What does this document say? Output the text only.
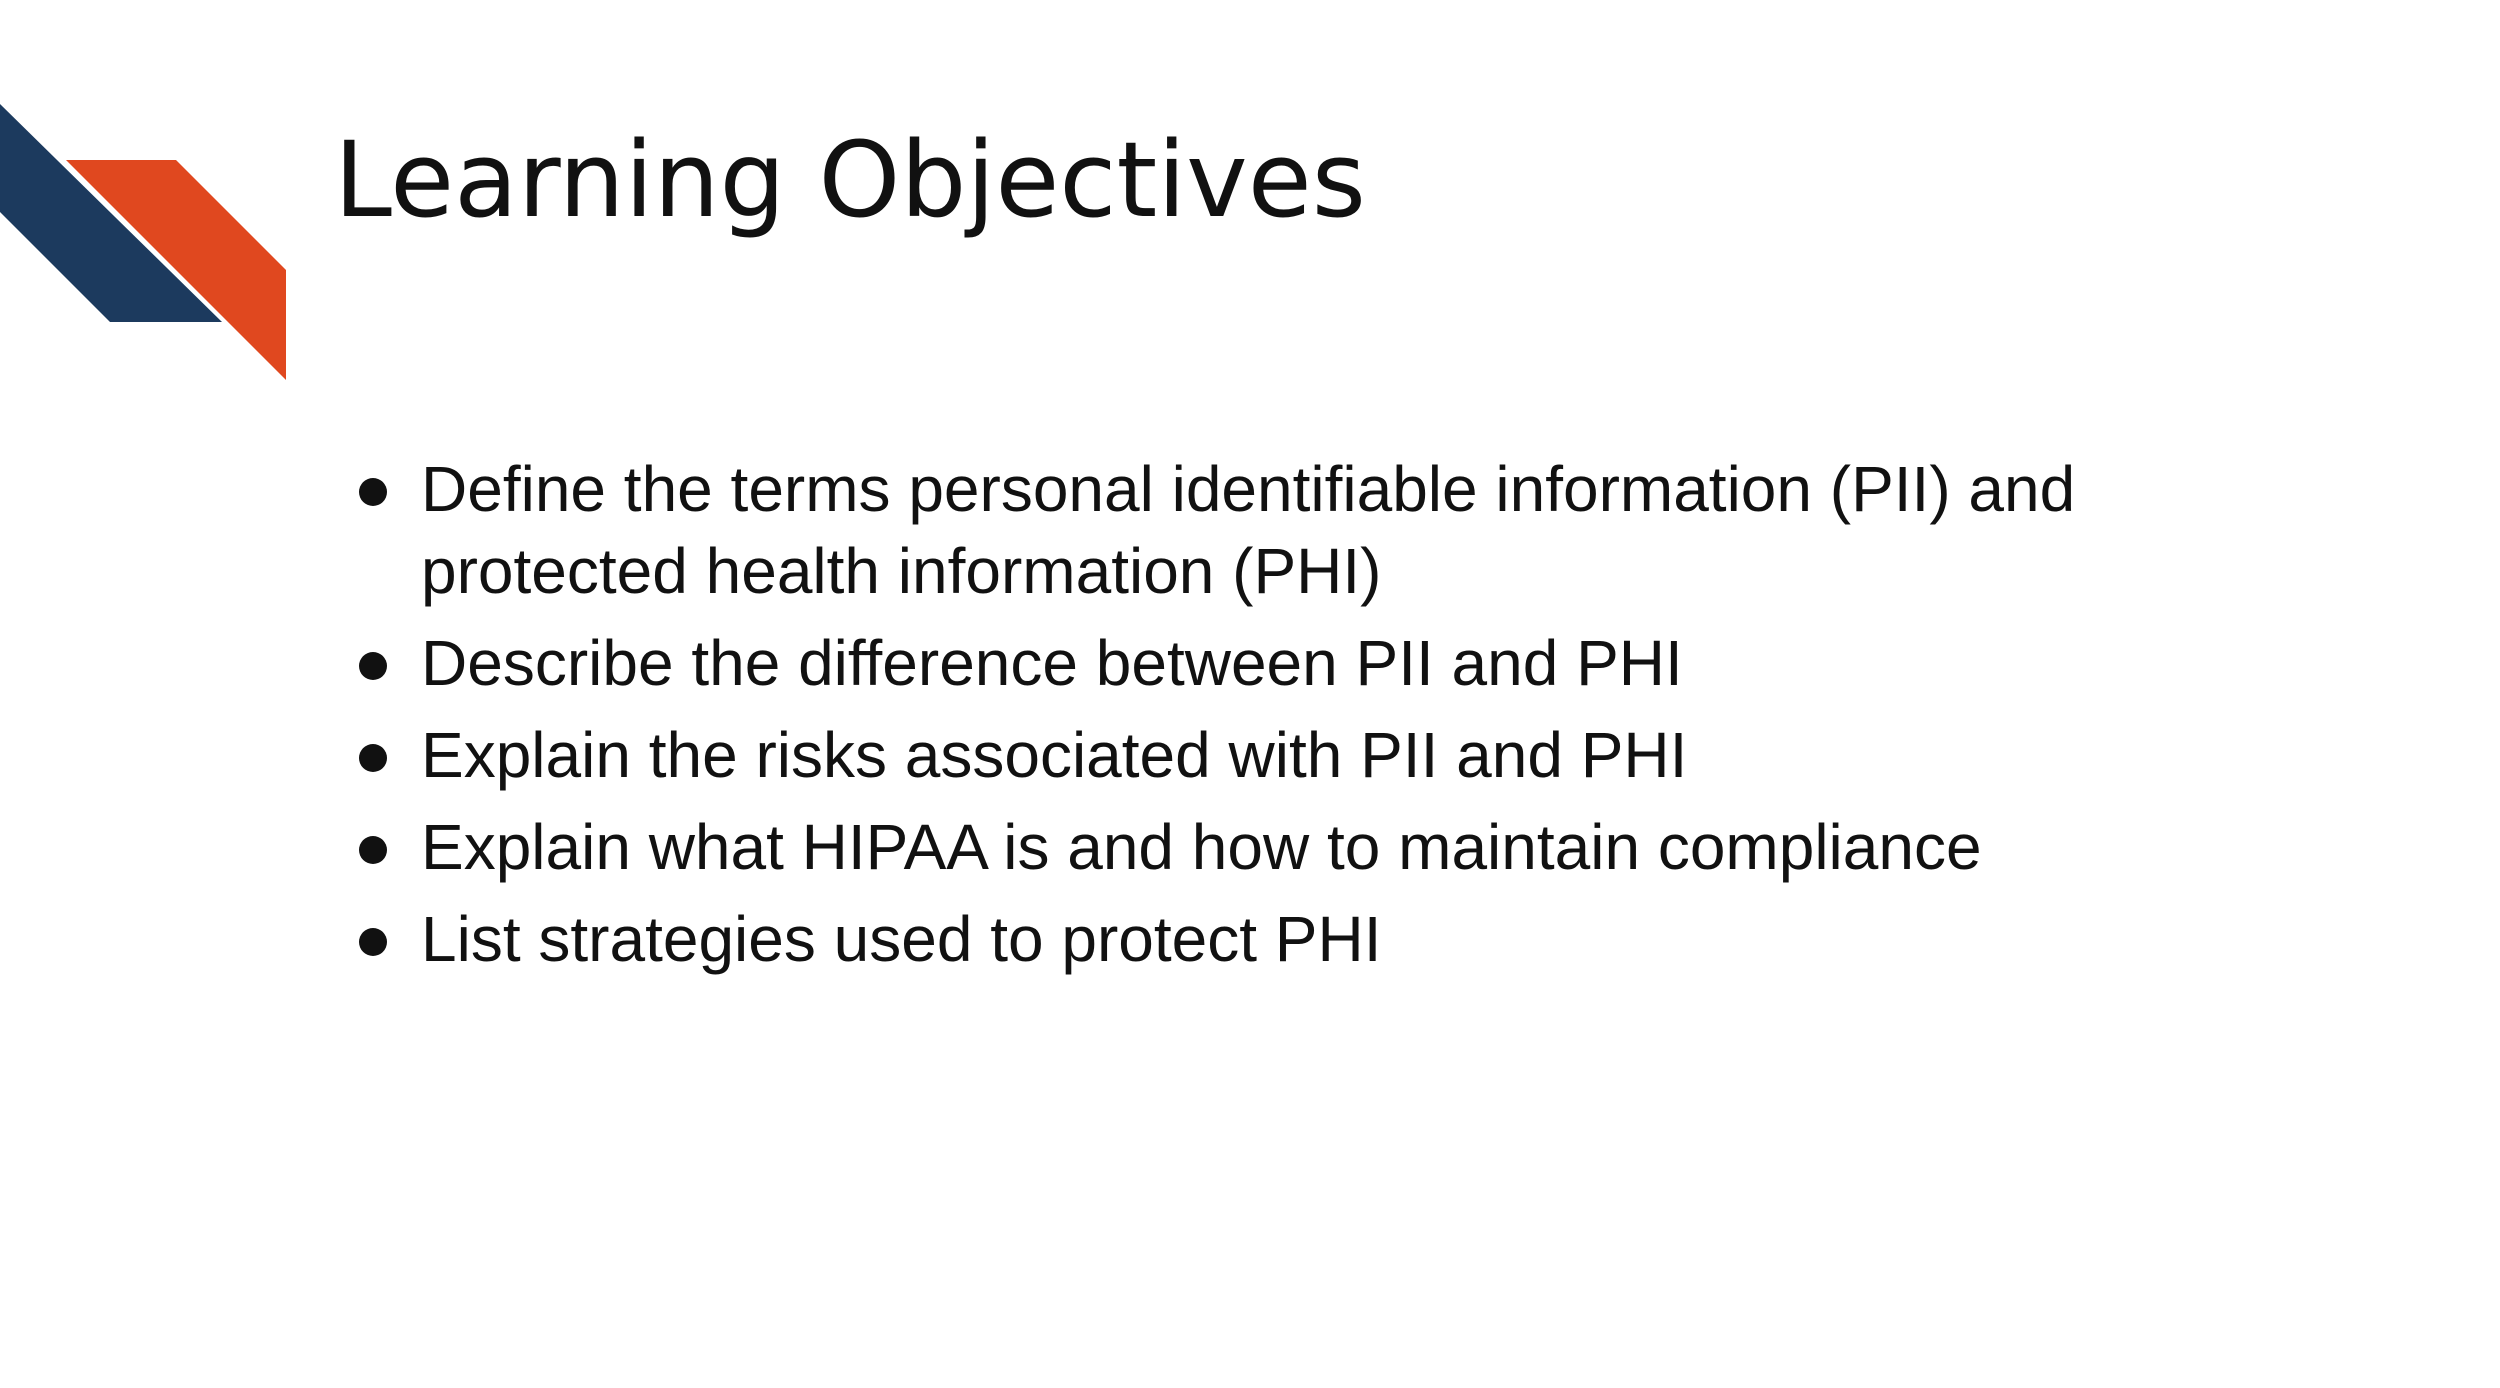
Learning Objectives
Define the terms personal identifiable information (PII) and protected health information (PHI)
Describe the difference between PII and PHI
Explain the risks associated with PII and PHI
Explain what HIPAA is and how to maintain compliance
List strategies used to protect PHI
